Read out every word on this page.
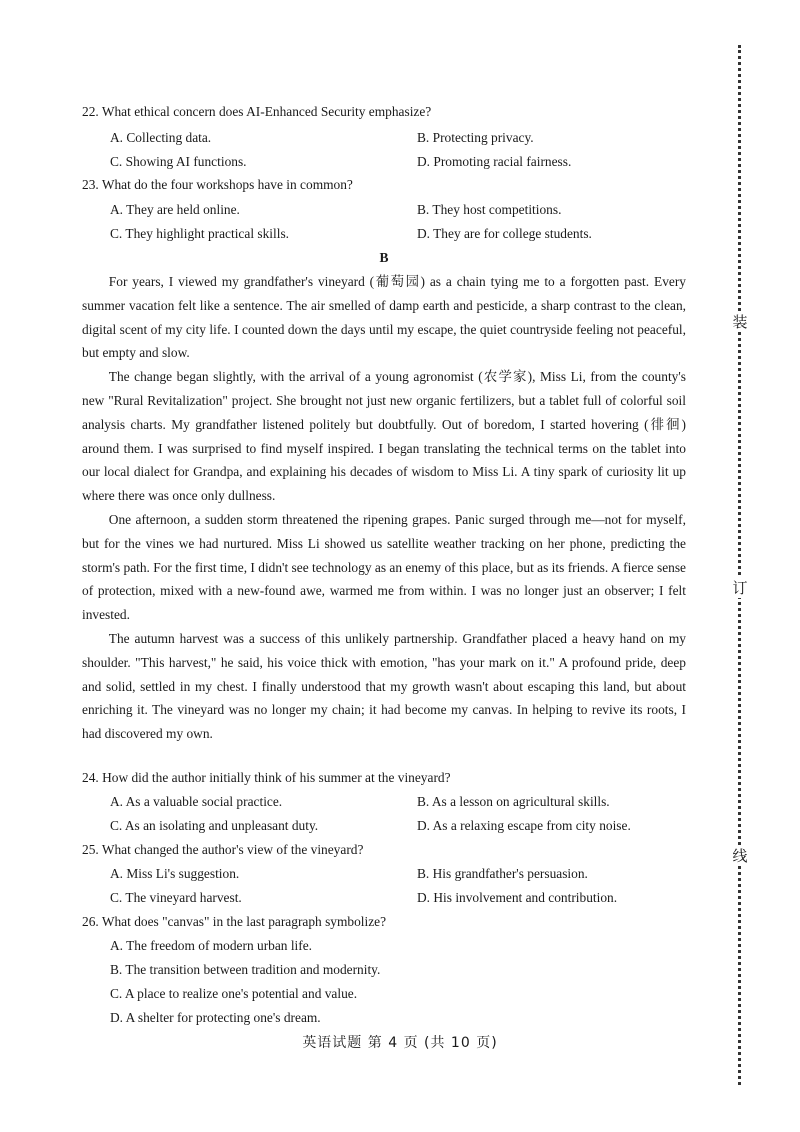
装
订
线
22. What ethical concern does AI-Enhanced Security emphasize?
A. Collecting data.	B. Protecting privacy.
C. Showing AI functions.	D. Promoting racial fairness.
23. What do the four workshops have in common?
A. They are held online.	B. They host competitions.
C. They highlight practical skills.	D. They are for college students.
B

For years, I viewed my grandfather's vineyard (葡萄园) as a chain tying me to a forgotten past. Every summer vacation felt like a sentence. The air smelled of damp earth and pesticide, a sharp contrast to the clean, digital scent of my city life. I counted down the days until my escape, the quiet countryside feeling not peaceful, but empty and slow.

The change began slightly, with the arrival of a young agronomist (农学家), Miss Li, from the county's new "Rural Revitalization" project. She brought not just new organic fertilizers, but a tablet full of colorful soil analysis charts. My grandfather listened politely but doubtfully. Out of boredom, I started hovering (徘徊) around them. I was surprised to find myself inspired. I began translating the technical terms on the tablet into our local dialect for Grandpa, and explaining his decades of wisdom to Miss Li. A tiny spark of curiosity lit up where there was once only dullness.

One afternoon, a sudden storm threatened the ripening grapes. Panic surged through me—not for myself, but for the vines we had nurtured. Miss Li showed us satellite weather tracking on her phone, predicting the storm's path. For the first time, I didn't see technology as an enemy of this place, but as its friends. A fierce sense of protection, mixed with a new-found awe, warmed me from within. I was no longer just an observer; I felt invested.

The autumn harvest was a success of this unlikely partnership. Grandfather placed a heavy hand on my shoulder. "This harvest," he said, his voice thick with emotion, "has your mark on it." A profound pride, deep and solid, settled in my chest. I finally understood that my growth wasn't about escaping this land, but about enriching it. The vineyard was no longer my chain; it had become my canvas. In helping to revive its roots, I had discovered my own.

24. How did the author initially think of his summer at the vineyard?
A. As a valuable social practice.	B. As a lesson on agricultural skills.
C. As an isolating and unpleasant duty.	D. As a relaxing escape from city noise.
25. What changed the author's view of the vineyard?
A. Miss Li's suggestion.	B. His grandfather's persuasion.
C. The vineyard harvest.	D. His involvement and contribution.
26. What does "canvas" in the last paragraph symbolize?
A. The freedom of modern urban life.
B. The transition between tradition and modernity.
C. A place to realize one's potential and value.
D. A shelter for protecting one's dream.
英语试题 第 4 页 (共 10 页)
